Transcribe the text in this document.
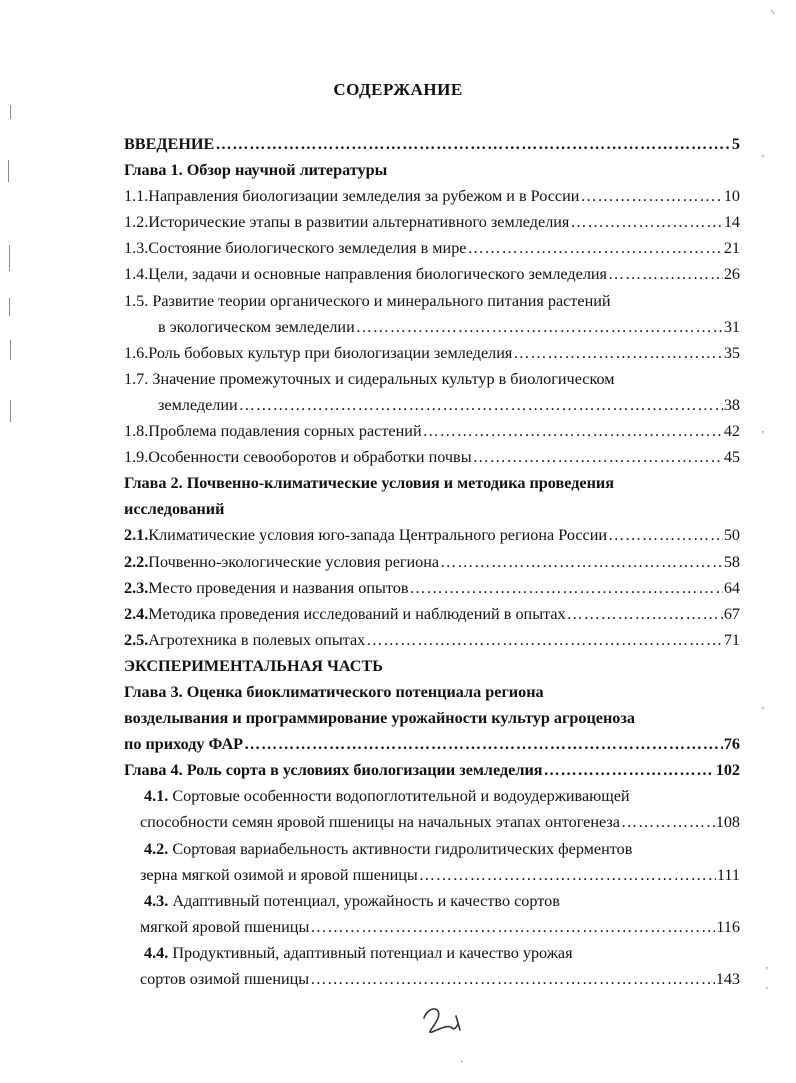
СОДЕРЖАНИЕ
ВВЕДЕНИЕ ……………………………………………………………………………………………………………………………………………………	5
Глава 1. Обзор научной литературы
1.1. Направления биологизации земледелия за рубежом и в России ……………………………………………………………………………………………………………………………………………………	10
1.2. Исторические этапы в развитии альтернативного земледелия ……………………………………………………………………………………………………………………………………………………	14
1.3. Состояние биологического земледелия в мире ……………………………………………………………………………………………………………………………………………………	21
1.4. Цели, задачи и основные направления биологического земледелия ……………………………………………………………………………………………………………………………………………………	26
1.5. Развитие теории органического и минерального питания растений
в экологическом земледелии ……………………………………………………………………………………………………………………………………………………	31
1.6. Роль бобовых культур при биологизации земледелия ……………………………………………………………………………………………………………………………………………………	35
1.7. Значение промежуточных и сидеральных культур в биологическом
земледелии ……………………………………………………………………………………………………………………………………………………	38
1.8. Проблема подавления сорных растений ……………………………………………………………………………………………………………………………………………………	42
1.9. Особенности севооборотов и обработки почвы ……………………………………………………………………………………………………………………………………………………	45
Глава 2. Почвенно-климатические условия и методика проведения
исследований
2.1. Климатические условия юго-запада Центрального региона России ……………………………………………………………………………………………………………………………………………………	50
2.2. Почвенно-экологические условия региона ……………………………………………………………………………………………………………………………………………………	58
2.3. Место проведения и названия опытов ……………………………………………………………………………………………………………………………………………………	64
2.4. Методика проведения исследований и наблюдений в опытах ……………………………………………………………………………………………………………………………………………………	67
2.5. Агротехника в полевых опытах ……………………………………………………………………………………………………………………………………………………	71
ЭКСПЕРИМЕНТАЛЬНАЯ ЧАСТЬ
Глава 3. Оценка биоклиматического потенциала региона
возделывания и программирование урожайности культур агроценоза
по приходу ФАР ……………………………………………………………………………………………………………………………………………………	76
Глава 4. Роль сорта в условиях биологизации земледелия ……………………………………………………………………………………………………………………………………………………	102
4.1. Сортовые особенности водопоглотительной и водоудерживающей
способности семян яровой пшеницы на начальных этапах онтогенеза ……………………………………………………………………………………………………………………………………………………	108
4.2. Сортовая вариабельность активности гидролитических ферментов
зерна мягкой озимой и яровой пшеницы ……………………………………………………………………………………………………………………………………………………	111
4.3. Адаптивный потенциал, урожайность и качество сортов
мягкой яровой пшеницы ……………………………………………………………………………………………………………………………………………………	116
4.4. Продуктивный, адаптивный потенциал и качество урожая
сортов озимой пшеницы ……………………………………………………………………………………………………………………………………………………	143
⸜
'
'
'
'
'
·
